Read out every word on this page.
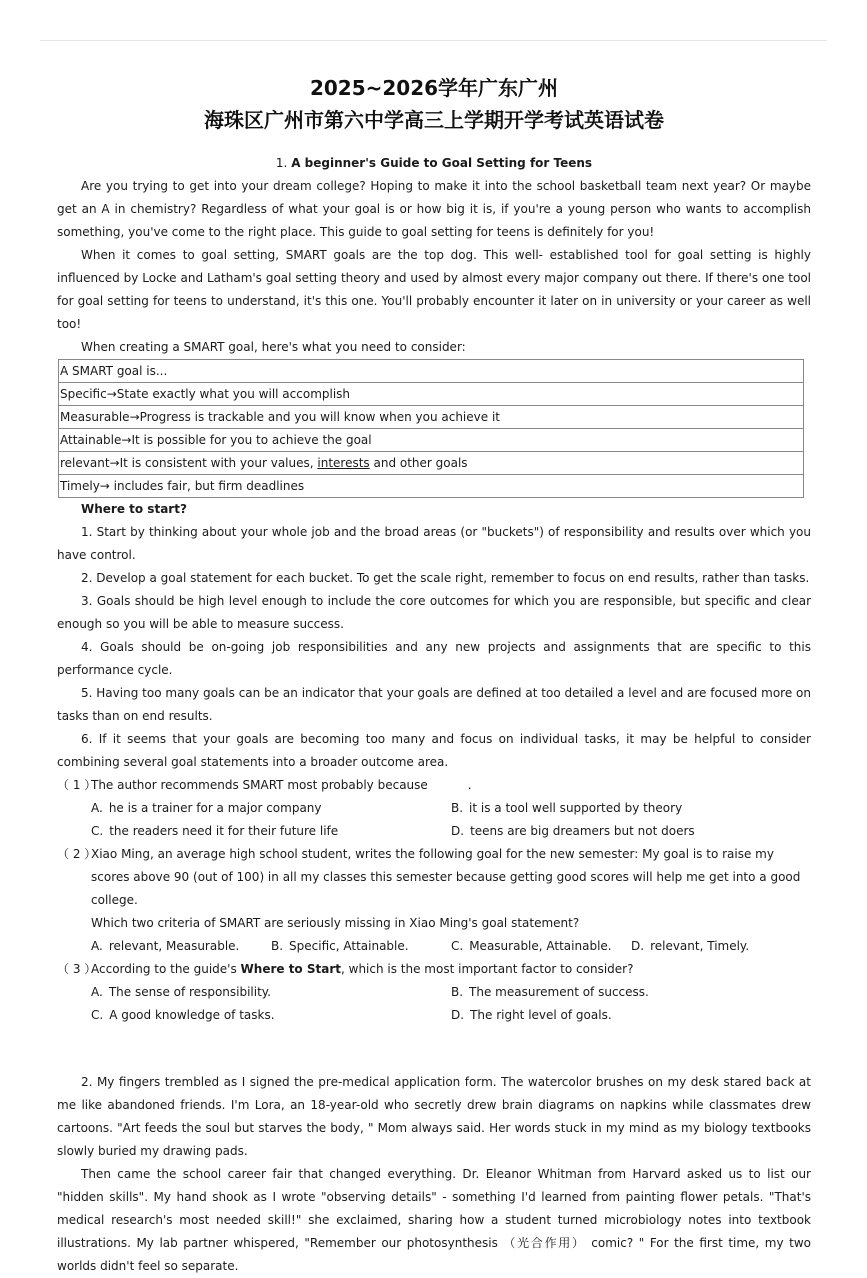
2025~2026学年广东广州
海珠区广州市第六中学高三上学期开学考试英语试卷
1. A beginner's Guide to Goal Setting for Teens

Are you trying to get into your dream college? Hoping to make it into the school basketball team next year? Or maybe get an A in chemistry? Regardless of what your goal is or how big it is, if you're a young person who wants to accomplish something, you've come to the right place. This guide to goal setting for teens is definitely for you!

When it comes to goal setting, SMART goals are the top dog. This well- established tool for goal setting is highly influenced by Locke and Latham's goal setting theory and used by almost every major company out there. If there's one tool for goal setting for teens to understand, it's this one. You'll probably encounter it later on in university or your career as well too!

When creating a SMART goal, here's what you need to consider:

A SMART goal is...
Specific→State exactly what you will accomplish
Measurable→Progress is trackable and you will know when you achieve it
Attainable→It is possible for you to achieve the goal
relevant→It is consistent with your values, interests and other goals
Timely→ includes fair, but firm deadlines
Where to start?

1. Start by thinking about your whole job and the broad areas (or "buckets") of responsibility and results over which you have control.

2. Develop a goal statement for each bucket. To get the scale right, remember to focus on end results, rather than tasks.

3. Goals should be high level enough to include the core outcomes for which you are responsible, but specific and clear enough so you will be able to measure success.

4. Goals should be on-going job responsibilities and any new projects and assignments that are specific to this performance cycle.

5. Having too many goals can be an indicator that your goals are defined at too detailed a level and are focused more on tasks than on end results.

6. If it seems that your goals are becoming too many and focus on individual tasks, it may be helpful to consider combining several goal statements into a broader outcome area.

（ 1 ）
The author recommends SMART most probably because	.
A. he is a trainer for a major company	B. it is a tool well supported by theory
C. the readers need it for their future life	D. teens are big dreamers but not doers
（ 2 ）
Xiao Ming, an average high school student, writes the following goal for the new semester: My goal is to raise my scores above 90 (out of 100) in all my classes this semester because getting good scores will help me get into a good college.
Which two criteria of SMART are seriously missing in Xiao Ming's goal statement?
A. relevant, Measurable.	B. Specific, Attainable.	C. Measurable, Attainable.	D. relevant, Timely.
（ 3 ）
According to the guide's Where to Start, which is the most important factor to consider?
A. The sense of responsibility.	B. The measurement of success.
C. A good knowledge of tasks.	D. The right level of goals.

2. My fingers trembled as I signed the pre-medical application form. The watercolor brushes on my desk stared back at me like abandoned friends. I'm Lora, an 18-year-old who secretly drew brain diagrams on napkins while classmates drew cartoons. "Art feeds the soul but starves the body, " Mom always said. Her words stuck in my mind as my biology textbooks slowly buried my drawing pads.

Then came the school career fair that changed everything. Dr. Eleanor Whitman from Harvard asked us to list our "hidden skills". My hand shook as I wrote "observing details" - something I'd learned from painting flower petals. "That's medical research's most needed skill!" she exclaimed, sharing how a student turned microbiology notes into textbook illustrations. My lab partner whispered, "Remember our photosynthesis （光合作用） comic? " For the first time, my two worlds didn't feel so separate.
